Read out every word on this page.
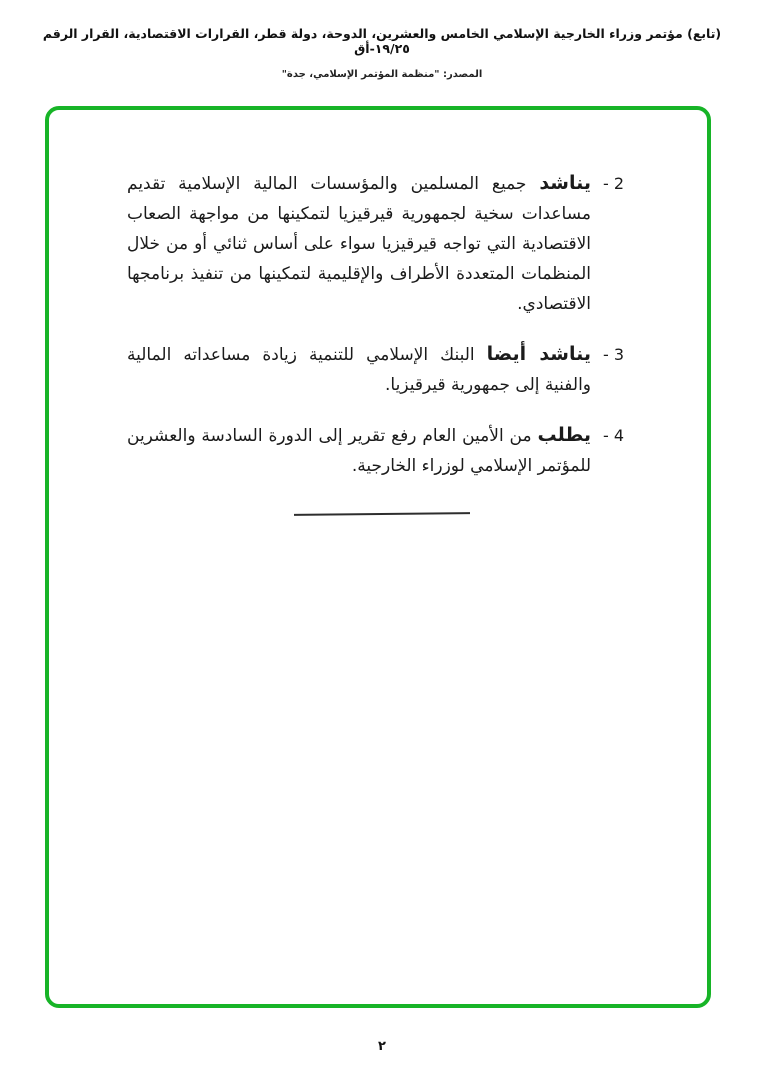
(تابع) مؤتمر وزراء الخارجية الإسلامي الخامس والعشرين، الدوحة، دولة قطر، القرارات الاقتصادية، القرار الرقم ١٩/٢٥-أق
المصدر: "منظمة المؤتمر الإسلامي، جدة"
- 2
يناشد جميع المسلمين والمؤسسات المالية الإسلامية تقديم مساعدات سخية لجمهورية قيرقيزيا لتمكينها من مواجهة الصعاب الاقتصادية التي تواجه قيرقيزيا سواء على أساس ثنائي أو من خلال المنظمات المتعددة الأطراف والإقليمية لتمكينها من تنفيذ برنامجها الاقتصادي.
- 3
يناشد أيضا البنك الإسلامي للتنمية زيادة مساعداته المالية والفنية إلى جمهورية قيرقيزيا.
- 4
يطلب من الأمين العام رفع تقرير إلى الدورة السادسة والعشرين للمؤتمر الإسلامي لوزراء الخارجية.
٢
